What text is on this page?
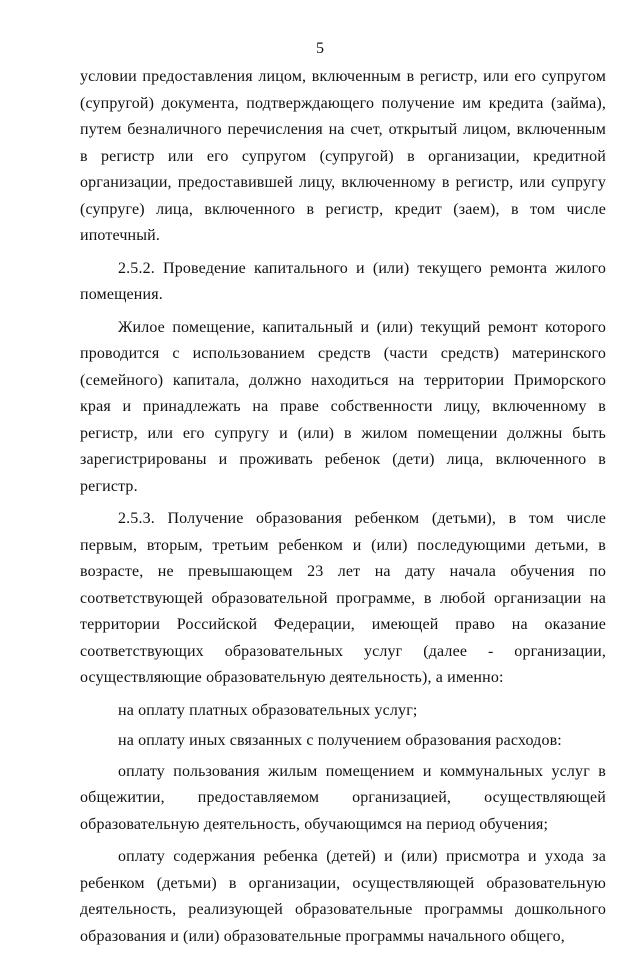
5

условии предоставления лицом, включенным в регистр, или его супругом (супругой) документа, подтверждающего получение им кредита (займа), путем безналичного перечисления на счет, открытый лицом, включенным в регистр или его супругом (супругой) в организации, кредитной организации, предоставившей лицу, включенному в регистр, или супругу (супруге) лица, включенного в регистр, кредит (заем), в том числе ипотечный.

2.5.2. Проведение капитального и (или) текущего ремонта жилого помещения.

Жилое помещение, капитальный и (или) текущий ремонт которого проводится с использованием средств (части средств) материнского (семейного) капитала, должно находиться на территории Приморского края и принадлежать на праве собственности лицу, включенному в регистр, или его супругу и (или) в жилом помещении должны быть зарегистрированы и проживать ребенок (дети) лица, включенного в регистр.

2.5.3. Получение образования ребенком (детьми), в том числе первым, вторым, третьим ребенком и (или) последующими детьми, в возрасте, не превышающем 23 лет на дату начала обучения по соответствующей образовательной программе, в любой организации на территории Российской Федерации, имеющей право на оказание соответствующих образовательных услуг (далее - организации, осуществляющие образовательную деятельность), а именно:

на оплату платных образовательных услуг;

на оплату иных связанных с получением образования расходов:

оплату пользования жилым помещением и коммунальных услуг в общежитии, предоставляемом организацией, осуществляющей образовательную деятельность, обучающимся на период обучения;

оплату содержания ребенка (детей) и (или) присмотра и ухода за ребенком (детьми) в организации, осуществляющей образовательную деятельность, реализующей образовательные программы дошкольного образования и (или) образовательные программы начального общего,
